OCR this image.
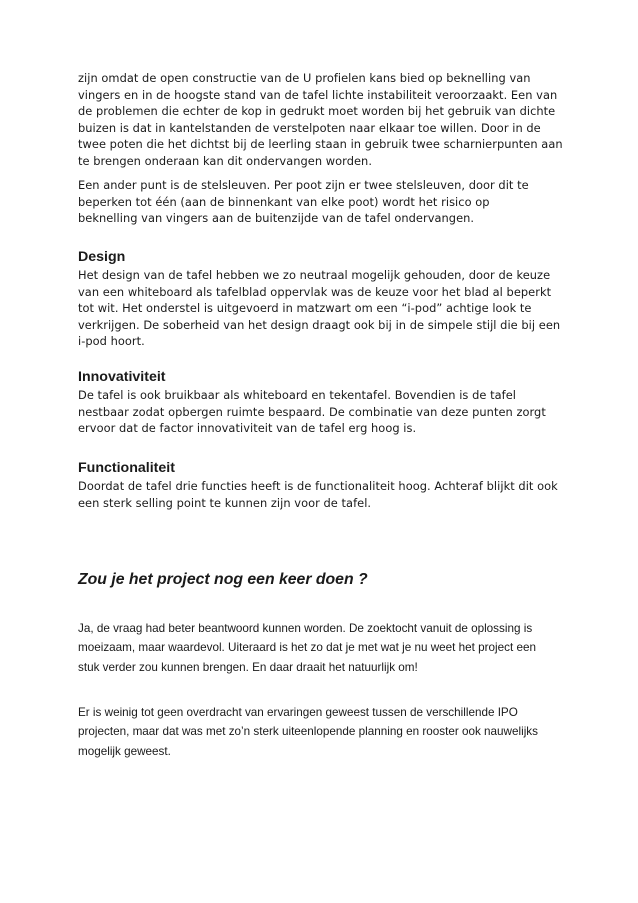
zijn omdat de open constructie van de U profielen kans bied op beknelling van vingers en in de hoogste stand van de tafel lichte instabiliteit veroorzaakt. Een van de problemen die echter de kop in gedrukt moet worden bij het gebruik van dichte buizen is dat in kantelstanden de verstelpoten naar elkaar toe willen. Door in de twee poten die het dichtst bij de leerling staan in gebruik twee scharnierpunten aan te brengen onderaan kan dit ondervangen worden.

Een ander punt is de stelsleuven. Per poot zijn er twee stelsleuven, door dit te beperken tot één (aan de binnenkant van elke poot) wordt het risico op beknelling van vingers aan de buitenzijde van de tafel ondervangen.

Design

Het design van de tafel hebben we zo neutraal mogelijk gehouden, door de keuze van een whiteboard als tafelblad oppervlak was de keuze voor het blad al beperkt tot wit. Het onderstel is uitgevoerd in matzwart om een “i-pod” achtige look te verkrijgen. De soberheid van het design draagt ook bij in de simpele stijl die bij een i-pod hoort.

Innovativiteit

De tafel is ook bruikbaar als whiteboard en tekentafel. Bovendien is de tafel nestbaar zodat opbergen ruimte bespaard. De combinatie van deze punten zorgt ervoor dat de factor innovativiteit van de tafel erg hoog is.

Functionaliteit

Doordat de tafel drie functies heeft is de functionaliteit hoog. Achteraf blijkt dit ook een sterk selling point te kunnen zijn voor de tafel.

Zou je het project nog een keer doen ?

Ja, de vraag had beter beantwoord kunnen worden. De zoektocht vanuit de oplossing is moeizaam, maar waardevol. Uiteraard is het zo dat je met wat je nu weet het project een stuk verder zou kunnen brengen. En daar draait het natuurlijk om!

Er is weinig tot geen overdracht van ervaringen geweest tussen de verschillende IPO projecten, maar dat was met zo’n sterk uiteenlopende planning en rooster ook nauwelijks mogelijk geweest.
